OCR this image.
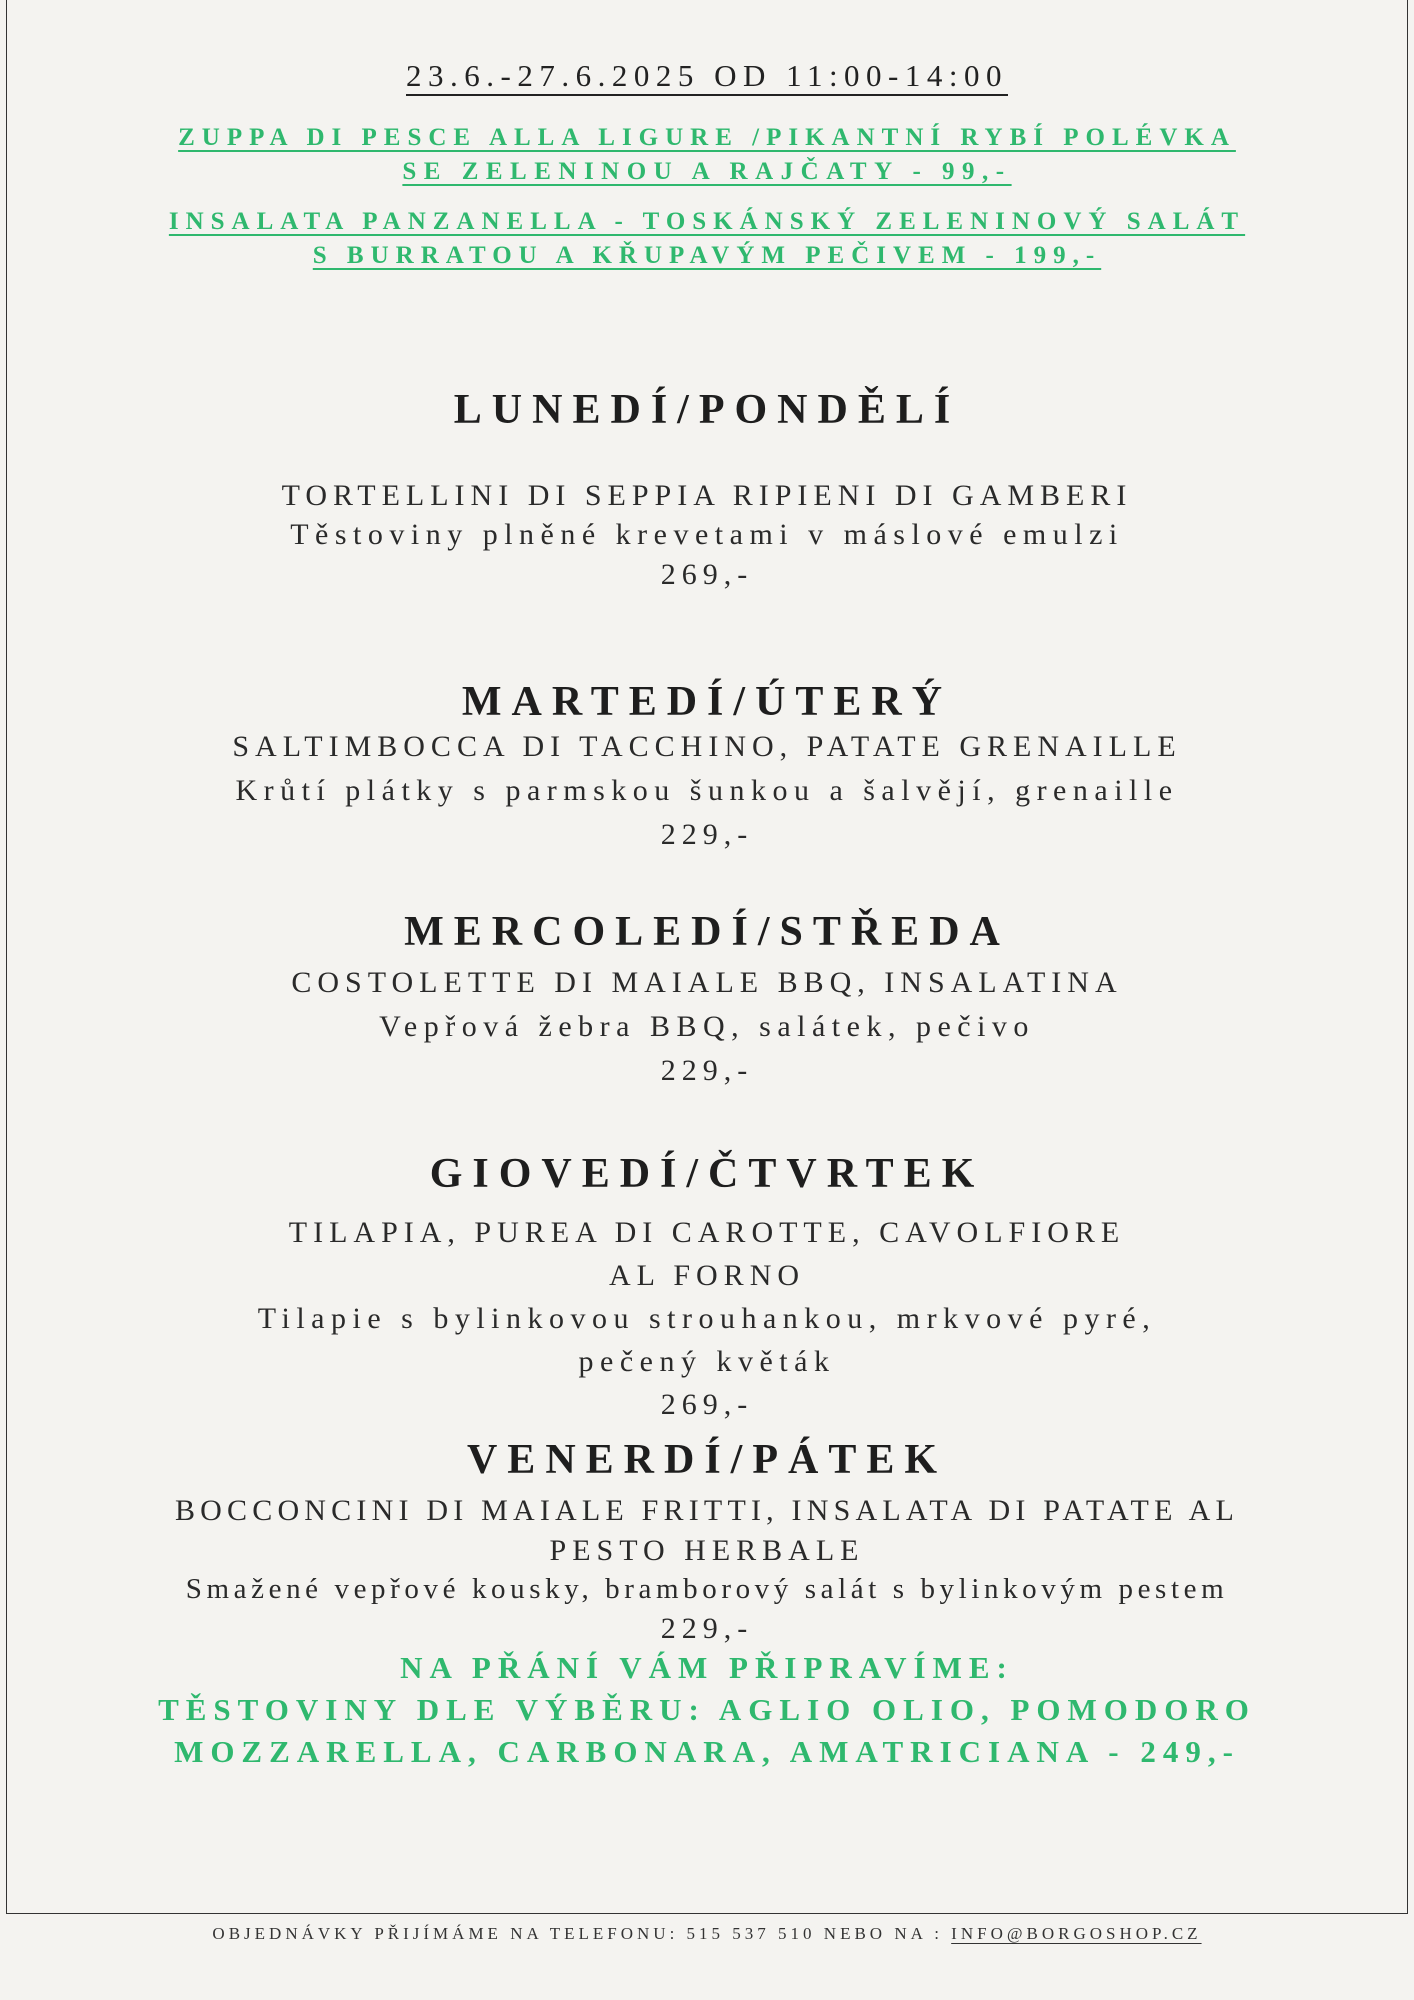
23.6.-27.6.2025 OD 11:00-14:00
ZUPPA DI PESCE ALLA LIGURE /PIKANTNÍ RYBÍ POLÉVKA
SE ZELENINOU A RAJČATY - 99,-
INSALATA PANZANELLA - TOSKÁNSKÝ ZELENINOVÝ SALÁT
S BURRATOU A KŘUPAVÝM PEČIVEM - 199,-
LUNEDÍ/PONDĚLÍ
TORTELLINI DI SEPPIA RIPIENI DI GAMBERI
Těstoviny plněné krevetami v máslové emulzi
269,-
MARTEDÍ/ÚTERÝ
SALTIMBOCCA DI TACCHINO, PATATE GRENAILLE
Krůtí plátky s parmskou šunkou a šalvějí, grenaille
229,-
MERCOLEDÍ/STŘEDA
COSTOLETTE DI MAIALE BBQ, INSALATINA
Vepřová žebra BBQ, salátek, pečivo
229,-
GIOVEDÍ/ČTVRTEK
TILAPIA, PUREA DI CAROTTE, CAVOLFIORE
AL FORNO
Tilapie s bylinkovou strouhankou, mrkvové pyré,
pečený květák
269,-
VENERDÍ/PÁTEK
BOCCONCINI DI MAIALE FRITTI, INSALATA DI PATATE AL
PESTO HERBALE
Smažené vepřové kousky, bramborový salát s bylinkovým pestem
229,-
NA PŘÁNÍ VÁM PŘIPRAVÍME:
TĚSTOVINY DLE VÝBĚRU: AGLIO OLIO, POMODORO
MOZZARELLA, CARBONARA, AMATRICIANA - 249,-
OBJEDNÁVKY PŘIJÍMÁME NA TELEFONU: 515 537 510 NEBO NA : INFO@BORGOSHOP.CZ
